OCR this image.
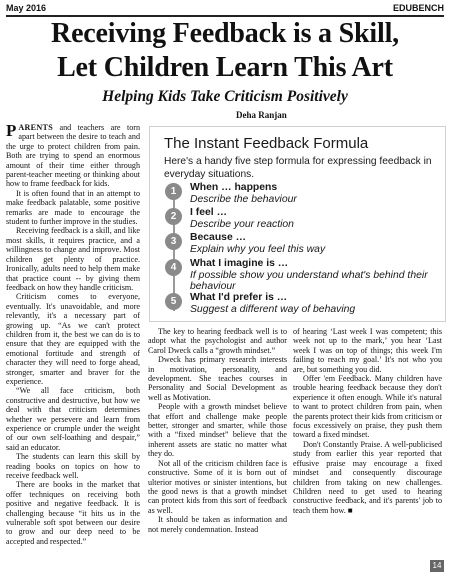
May 2016	EDUBENCH
Receiving Feedback is a Skill,
Let Children Learn This Art
Helping Kids Take Criticism Positively
Deha Ranjan

PARENTS and teachers are torn apart between the desire to teach and the urge to protect children from pain. Both are trying to spend an enormous amount of their time either through parent-teacher meeting or thinking about how to frame feedback for kids.

It is often found that in an attempt to make feedback palatable, some positive remarks are made to encourage the student to further improve in the studies.

Receiving feedback is a skill, and like most skills, it requires practice, and a willingness to change and improve. Most children get plenty of practice. Ironically, adults need to help them make that practice count -- by giving them feedback on how they handle criticism.

Criticism comes to everyone, eventually. It's unavoidable, and more relevantly, it's a necessary part of growing up. “As we can't protect children from it, the best we can do is to ensure that they are equipped with the emotional fortitude and strength of character they will need to forge ahead, stronger, smarter and braver for the experience.

“We all face criticism, both constructive and destructive, but how we deal with that criticism determines whether we persevere and learn from experience or crumple under the weight of our own self-loathing and despair,” said an educator.

The students can learn this skill by reading books on topics on how to receive feedback well.

There are books in the market that offer techniques on receiving both positive and negative feedback. It is challenging because “it hits us in the vulnerable soft spot between our desire to grow and our deep need to be accepted and respected.”

The Instant Feedback Formula
Here's a handy five step formula for expressing feedback in everyday situations.
1	When … happens
Describe the behaviour
2	I feel …
Describe your reaction
3	Because …
Explain why you feel this way
4	What I imagine is …
If possible show you understand what's behind their behaviour
5	What I'd prefer is …
Suggest a different way of behaving

The key to hearing feedback well is to adopt what the psychologist and author Carol Dweck calls a “growth mindset.”

Dweck has primary research interests in motivation, personality, and development. She teaches courses in Personality and Social Development as well as Motivation.

People with a growth mindset believe that effort and challenge make people better, stronger and smarter, while those with a “fixed mindset” believe that the inherent assets are static no matter what they do.

Not all of the criticism children face is constructive. Some of it is born out of ulterior motives or sinister intentions, but the good news is that a growth mindset can protect kids from this sort of feedback as well.

It should be taken as information and not merely condemnation. Instead

of hearing ‘Last week I was competent; this week not up to the mark,’ you hear ‘Last week I was on top of things; this week I'm failing to reach my goal.’ It's not who you are, but something you did.

Offer 'em Feedback. Many children have trouble hearing feedback because they don't experience it often enough. While it's natural to want to protect children from pain, when the parents protect their kids from criticism or focus excessively on praise, they push them toward a fixed mindset.

Don't Constantly Praise. A well-publicised study from earlier this year reported that effusive praise may encourage a fixed mindset and consequently discourage children from taking on new challenges. Children need to get used to hearing constructive feedback, and it's parents' job to teach them how. ■

14
